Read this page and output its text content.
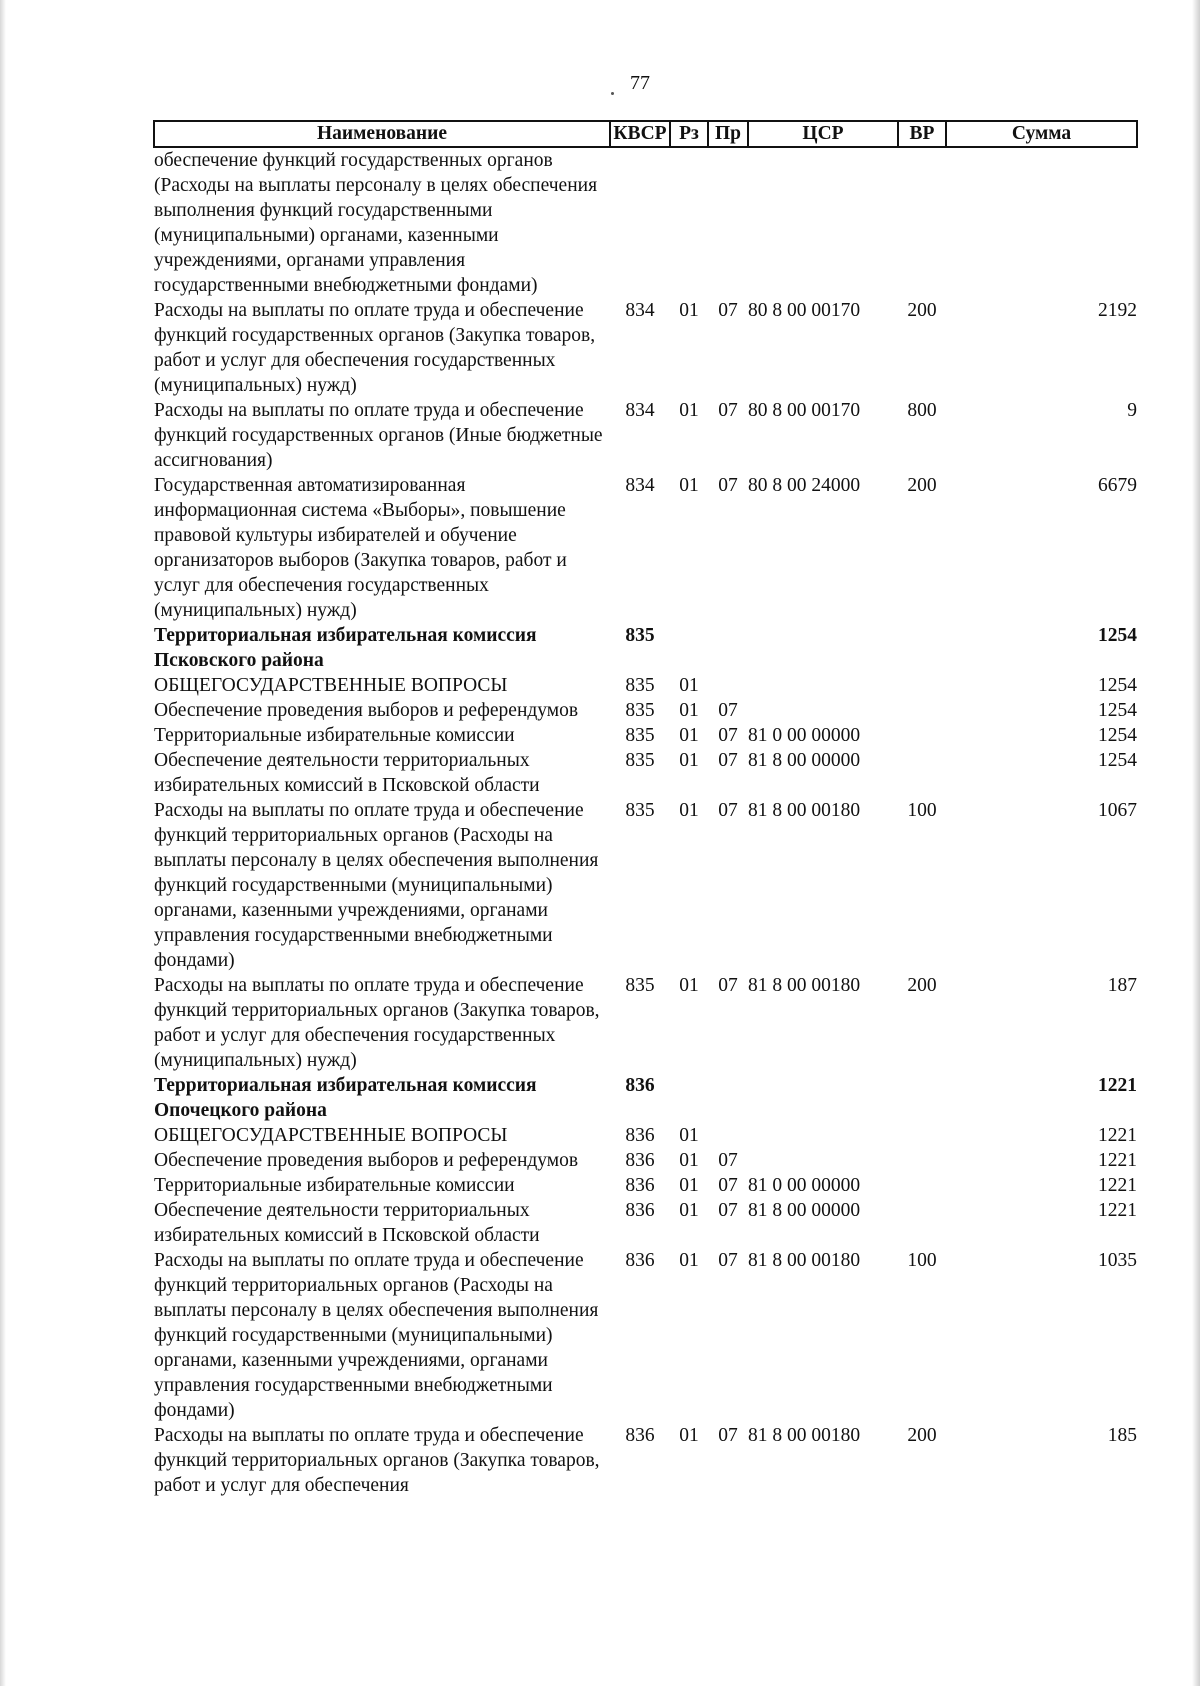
77
Наименование	КВСР	Рз	Пр	ЦСР	ВР	Сумма
обеспечение функций государственных органов (Расходы на выплаты персоналу в целях обеспечения выполнения функций государственными (муниципальными) органами, казенными учреждениями, органами управления государственными внебюджетными фондами)						
Расходы на выплаты по оплате труда и обеспечение функций государственных органов (Закупка товаров, работ и услуг для обеспечения государственных (муниципальных) нужд)	834	01	07	80 8 00 00170	200	2192
Расходы на выплаты по оплате труда и обеспечение функций государственных органов (Иные бюджетные ассигнования)	834	01	07	80 8 00 00170	800	9
Государственная автоматизированная информационная система «Выборы», повышение правовой культуры избирателей и обучение организаторов выборов (Закупка товаров, работ и услуг для обеспечения государственных (муниципальных) нужд)	834	01	07	80 8 00 24000	200	6679
Территориальная избирательная комиссия Псковского района	835					1254
ОБЩЕГОСУДАРСТВЕННЫЕ ВОПРОСЫ	835	01				1254
Обеспечение проведения выборов и референдумов	835	01	07			1254
Территориальные избирательные комиссии	835	01	07	81 0 00 00000		1254
Обеспечение деятельности территориальных избирательных комиссий в Псковской области	835	01	07	81 8 00 00000		1254
Расходы на выплаты по оплате труда и обеспечение функций территориальных органов (Расходы на выплаты персоналу в целях обеспечения выполнения функций государственными (муниципальными) органами, казенными учреждениями, органами управления государственными внебюджетными фондами)	835	01	07	81 8 00 00180	100	1067
Расходы на выплаты по оплате труда и обеспечение функций территориальных органов (Закупка товаров, работ и услуг для обеспечения государственных (муниципальных) нужд)	835	01	07	81 8 00 00180	200	187
Территориальная избирательная комиссия Опочецкого района	836					1221
ОБЩЕГОСУДАРСТВЕННЫЕ ВОПРОСЫ	836	01				1221
Обеспечение проведения выборов и референдумов	836	01	07			1221
Территориальные избирательные комиссии	836	01	07	81 0 00 00000		1221
Обеспечение деятельности территориальных избирательных комиссий в Псковской области	836	01	07	81 8 00 00000		1221
Расходы на выплаты по оплате труда и обеспечение функций территориальных органов (Расходы на выплаты персоналу в целях обеспечения выполнения функций государственными (муниципальными) органами, казенными учреждениями, органами управления государственными внебюджетными фондами)	836	01	07	81 8 00 00180	100	1035
Расходы на выплаты по оплате труда и обеспечение функций территориальных органов (Закупка товаров, работ и услуг для обеспечения	836	01	07	81 8 00 00180	200	185
